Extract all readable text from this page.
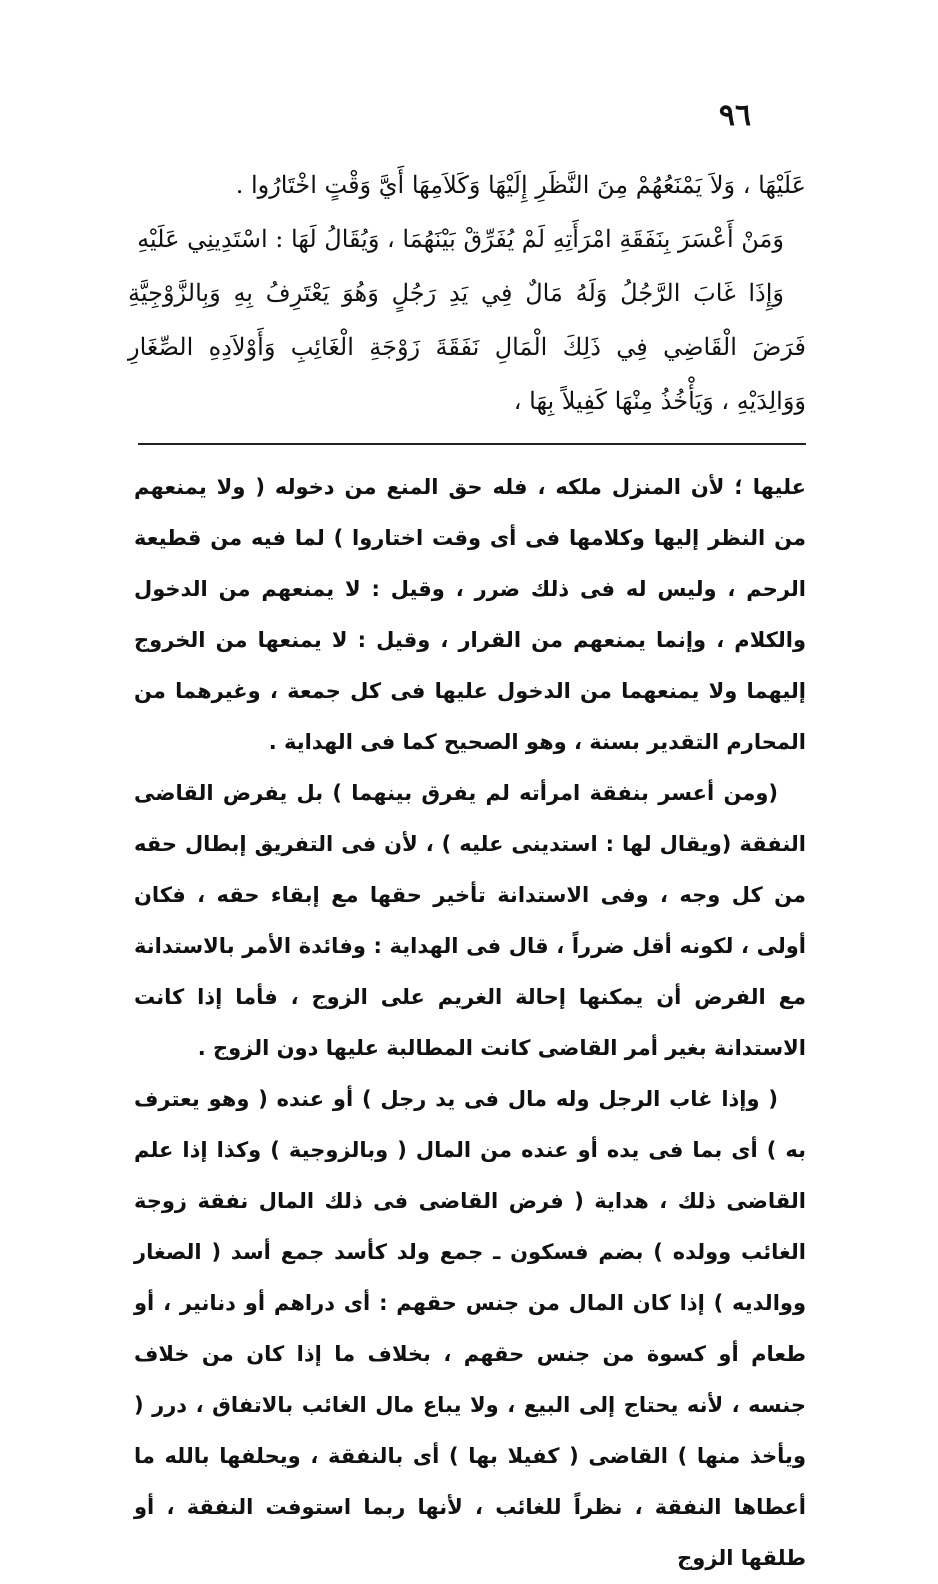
٩٦

عَلَيْهَا ، وَلاَ يَمْنَعُهُمْ مِنَ النَّظَرِ إِلَيْهَا وَكَلاَمِهَا أَيَّ وَقْتٍ اخْتَارُوا .

وَمَنْ أَعْسَرَ بِنَفَقَةِ امْرَأَتِهِ لَمْ يُفَرِّقْ بَيْنَهُمَا ، وَيُقَالُ لَهَا : اسْتَدِينِي عَلَيْهِ

وَإِذَا غَابَ الرَّجُلُ وَلَهُ مَالٌ فِي يَدِ رَجُلٍ وَهُوَ يَعْتَرِفُ بِهِ وَبِالزَّوْجِيَّةِ فَرَضَ الْقَاضِي فِي ذَلِكَ الْمَالِ نَفَقَةَ زَوْجَةِ الْغَائِبِ وَأَوْلاَدِهِ الصِّغَارِ وَوَالِدَيْهِ ، وَيَأْخُذُ مِنْهَا كَفِيلاً بِهَا ،

عليها ؛ لأن المنزل ملكه ، فله حق المنع من دخوله ( ولا يمنعهم من النظر إليها وكلامها فى أى وقت اختاروا ) لما فيه من قطيعة الرحم ، وليس له فى ذلك ضرر ، وقيل : لا يمنعهم من الدخول والكلام ، وإنما يمنعهم من القرار ، وقيل : لا يمنعها من الخروج إليهما ولا يمنعهما من الدخول عليها فى كل جمعة ، وغيرهما من المحارم التقدير بسنة ، وهو الصحيح كما فى الهداية .

(ومن أعسر بنفقة امرأته لم يفرق بينهما ) بل يفرض القاضى النفقة (ويقال لها : استدينى عليه ) ، لأن فى التفريق إبطال حقه من كل وجه ، وفى الاستدانة تأخير حقها مع إبقاء حقه ، فكان أولى ، لكونه أقل ضرراً ، قال فى الهداية : وفائدة الأمر بالاستدانة مع الفرض أن يمكنها إحالة الغريم على الزوج ، فأما إذا كانت الاستدانة بغير أمر القاضى كانت المطالبة عليها دون الزوج .

( وإذا غاب الرجل وله مال فى يد رجل ) أو عنده ( وهو يعترف به ) أى بما فى يده أو عنده من المال ( وبالزوجية ) وكذا إذا علم القاضى ذلك ، هداية ( فرض القاضى فى ذلك المال نفقة زوجة الغائب وولده ) بضم فسكون ـ جمع ولد كأسد جمع أسد ( الصغار ووالديه ) إذا كان المال من جنس حقهم : أى دراهم أو دنانير ، أو طعام أو كسوة من جنس حقهم ، بخلاف ما إذا كان من خلاف جنسه ، لأنه يحتاج إلى البيع ، ولا يباع مال الغائب بالاتفاق ، درر ( ويأخذ منها ) القاضى ( كفيلا بها ) أى بالنفقة ، ويحلفها بالله ما أعطاها النفقة ، نظراً للغائب ، لأنها ربما استوفت النفقة ، أو طلقها الزوج
